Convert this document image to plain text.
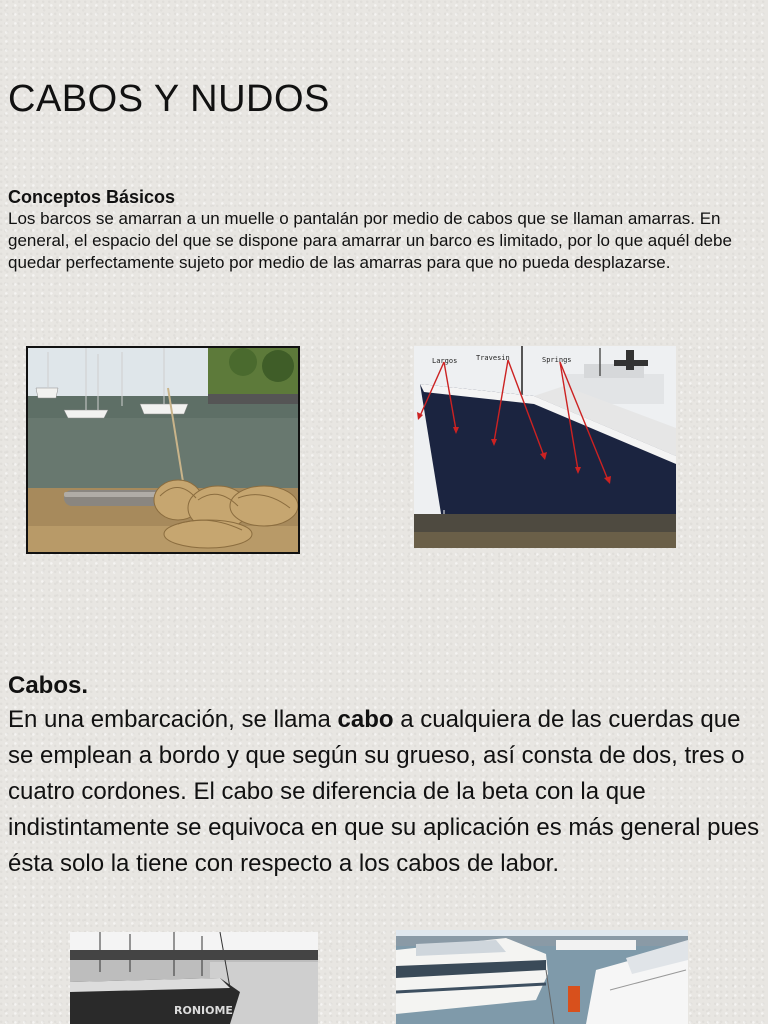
CABOS Y NUDOS
Conceptos Básicos
Los barcos se amarran a un muelle o pantalán por medio de cabos que se llaman amarras. En general, el espacio del que se dispone para amarrar un barco es limitado, por lo que aquél debe quedar perfectamente sujeto por medio de las amarras para que no pueda desplazarse.
Largos	Travesin	Springs
Cabos.
En una embarcación, se llama cabo a cualquiera de las cuerdas que se emplean a bordo y que según su grueso, así consta de dos, tres o cuatro cordones. El cabo se diferencia de la beta con la que indistintamente se equivoca en que su aplicación es más general pues ésta solo la tiene con respecto a los cabos de labor.
RONIOME
